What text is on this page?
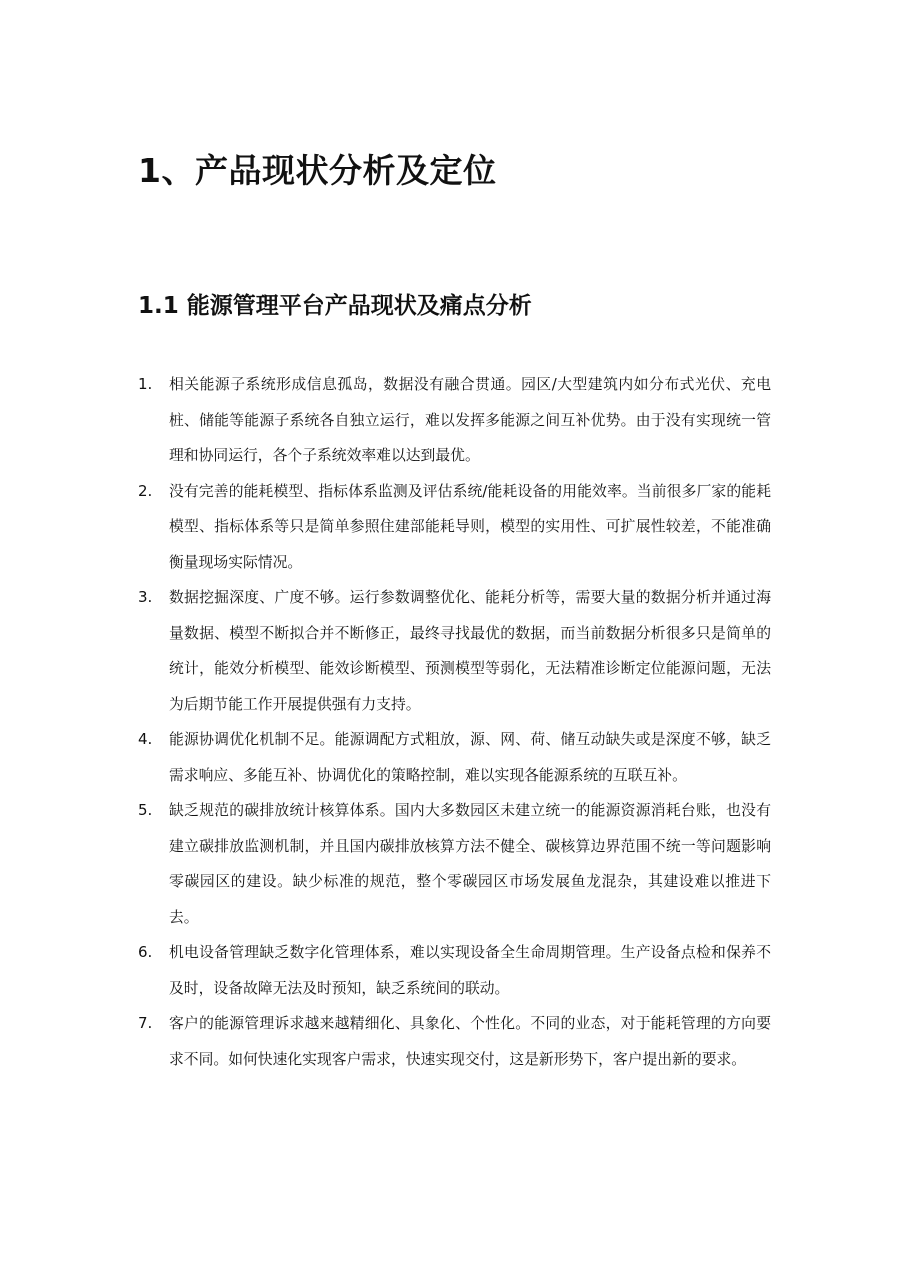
1、产品现状分析及定位
1.1 能源管理平台产品现状及痛点分析
1.	相关能源子系统形成信息孤岛，数据没有融合贯通。园区/大型建筑内如分布式光伏、充电桩、储能等能源子系统各自独立运行，难以发挥多能源之间互补优势。由于没有实现统一管理和协同运行，各个子系统效率难以达到最优。

2.	没有完善的能耗模型、指标体系监测及评估系统/能耗设备的用能效率。当前很多厂家的能耗模型、指标体系等只是简单参照住建部能耗导则，模型的实用性、可扩展性较差，不能准确衡量现场实际情况。

3.	数据挖掘深度、广度不够。运行参数调整优化、能耗分析等，需要大量的数据分析并通过海量数据、模型不断拟合并不断修正，最终寻找最优的数据，而当前数据分析很多只是简单的统计，能效分析模型、能效诊断模型、预测模型等弱化，无法精准诊断定位能源问题，无法为后期节能工作开展提供强有力支持。

4.	能源协调优化机制不足。能源调配方式粗放，源、网、荷、储互动缺失或是深度不够，缺乏需求响应、多能互补、协调优化的策略控制，难以实现各能源系统的互联互补。

5.	缺乏规范的碳排放统计核算体系。国内大多数园区未建立统一的能源资源消耗台账，也没有建立碳排放监测机制，并且国内碳排放核算方法不健全、碳核算边界范围不统一等问题影响零碳园区的建设。缺少标准的规范，整个零碳园区市场发展鱼龙混杂，其建设难以推进下去。

6.	机电设备管理缺乏数字化管理体系，难以实现设备全生命周期管理。生产设备点检和保养不及时，设备故障无法及时预知，缺乏系统间的联动。

7.	客户的能源管理诉求越来越精细化、具象化、个性化。不同的业态，对于能耗管理的方向要求不同。如何快速化实现客户需求，快速实现交付，这是新形势下，客户提出新的要求。
